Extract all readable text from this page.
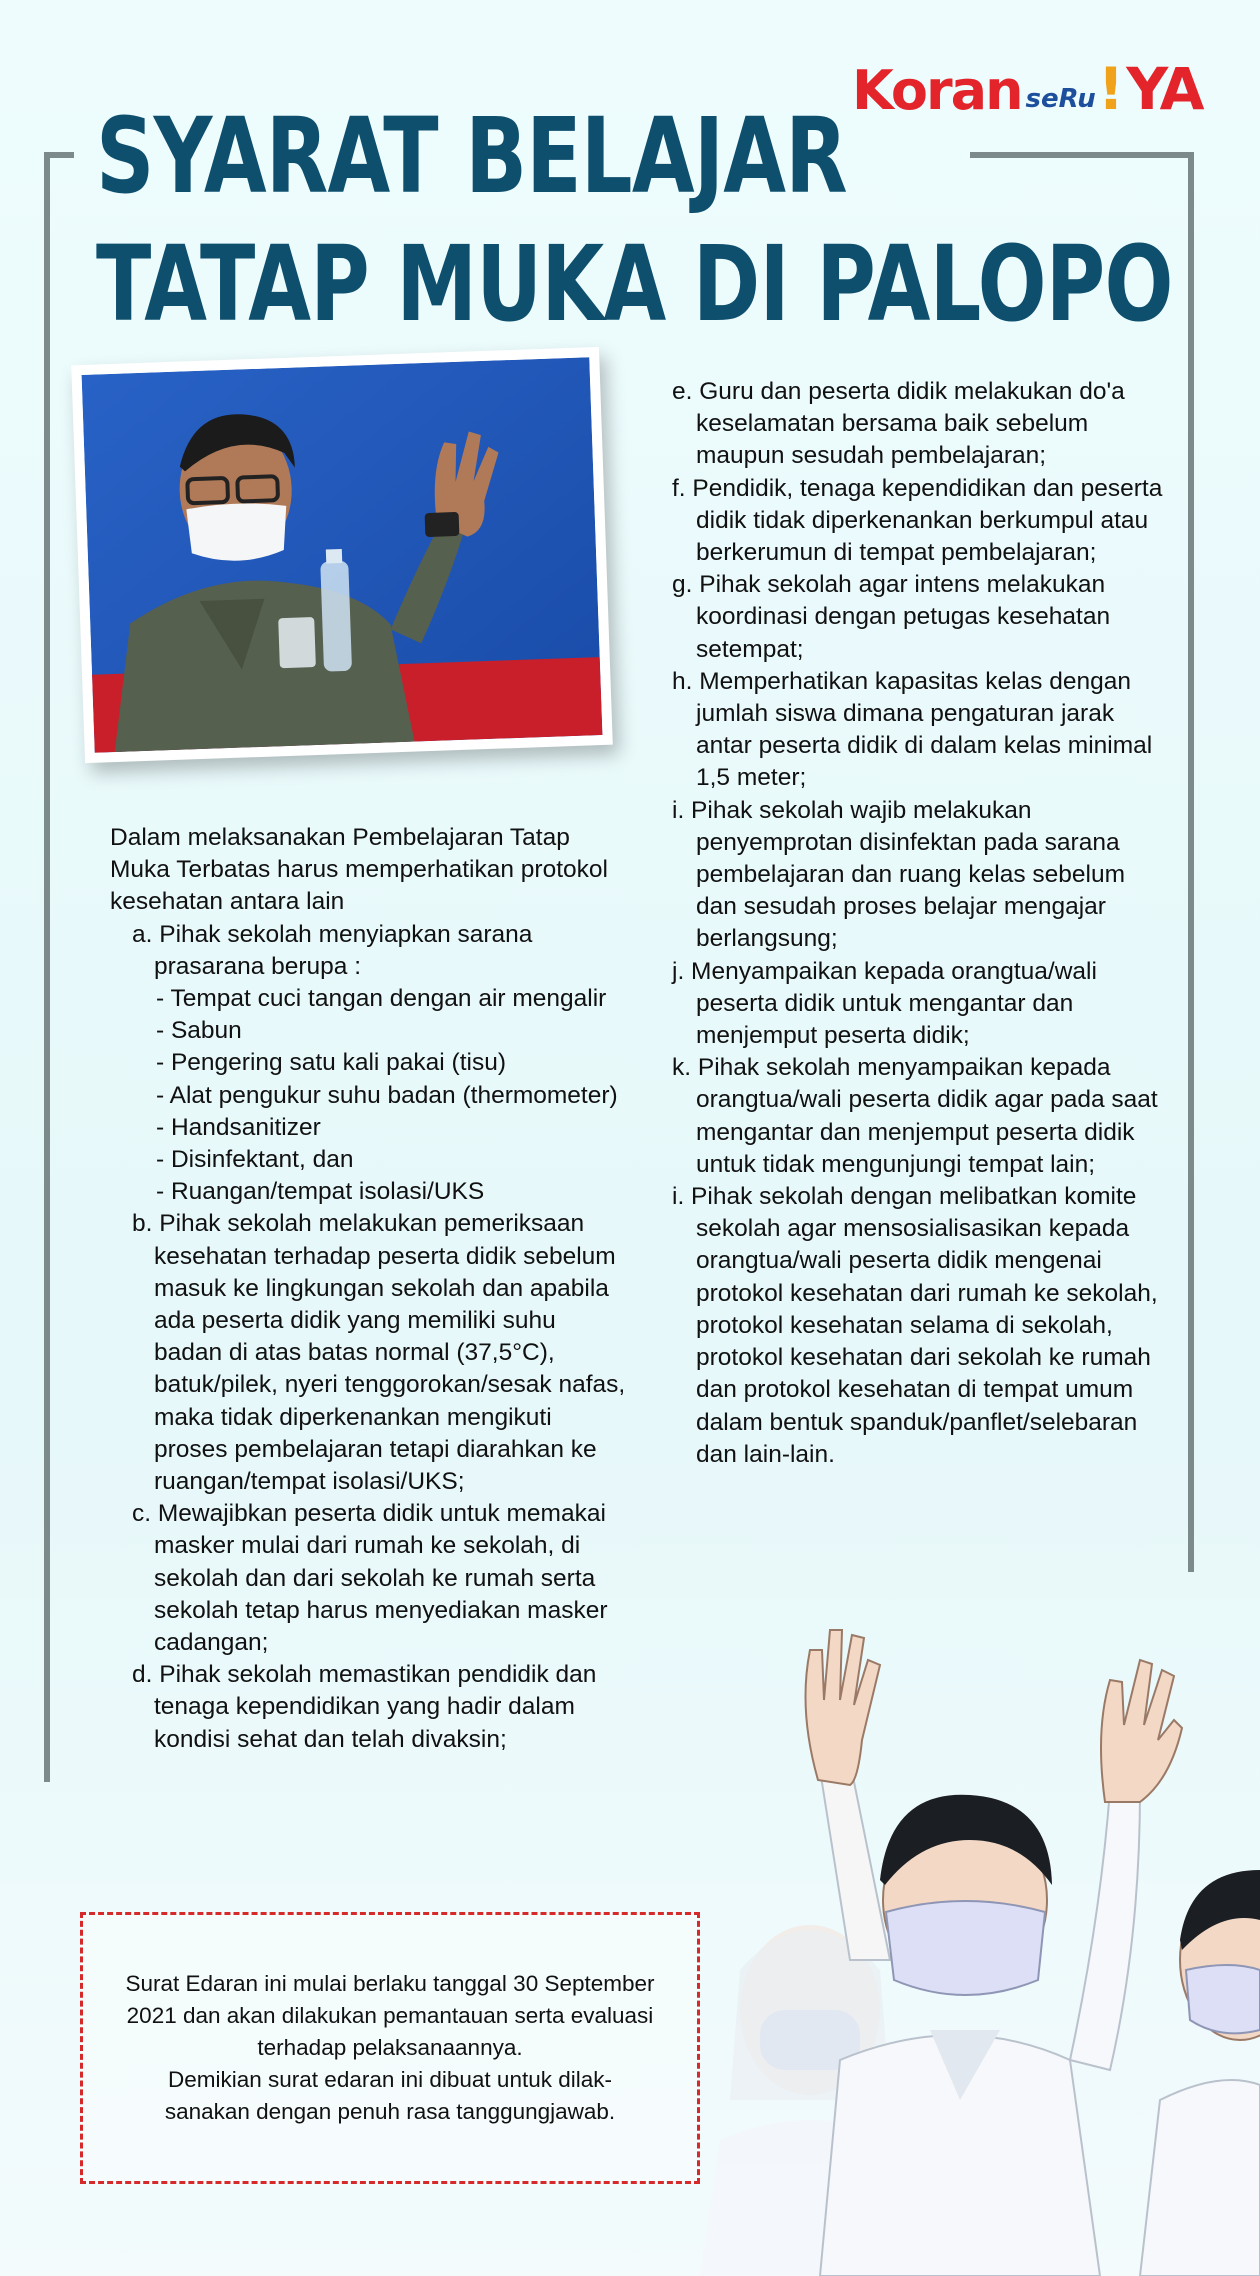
Koran seRu ! YA
SYARAT BELAJAR
TATAP MUKA DI PALOPO
Dalam melaksanakan Pembelajaran Tatap Muka Terbatas harus memperhatikan protokol kesehatan antara lain
a. Pihak sekolah menyiapkan sarana prasarana berupa :
- Tempat cuci tangan dengan air mengalir
- Sabun
- Pengering satu kali pakai (tisu)
- Alat pengukur suhu badan (thermometer)
- Handsanitizer
- Disinfektant, dan
- Ruangan/tempat isolasi/UKS
b. Pihak sekolah melakukan pemeriksaan kesehatan terhadap peserta didik sebelum masuk ke lingkungan sekolah dan apabila ada peserta didik yang memiliki suhu badan di atas batas normal (37,5°C), batuk/pilek, nyeri tenggorokan/sesak nafas, maka tidak diperkenankan mengikuti proses pembelajaran tetapi diarahkan ke ruangan/tempat isolasi/UKS;
c. Mewajibkan peserta didik untuk memakai masker mulai dari rumah ke sekolah, di sekolah dan dari sekolah ke rumah serta sekolah tetap harus menyediakan masker cadangan;
d. Pihak sekolah memastikan pendidik dan tenaga kependidikan yang hadir dalam kondisi sehat dan telah divaksin;
e. Guru dan peserta didik melakukan do'a keselamatan bersama baik sebelum maupun sesudah pembelajaran;
f. Pendidik, tenaga kependidikan dan peserta didik tidak diperkenankan berkumpul atau berkerumun di tempat pembelajaran;
g. Pihak sekolah agar intens melakukan koordinasi dengan petugas kesehatan setempat;
h. Memperhatikan kapasitas kelas dengan jumlah siswa dimana pengaturan jarak antar peserta didik di dalam kelas minimal 1,5 meter;
i. Pihak sekolah wajib melakukan penyemprotan disinfektan pada sarana pembelajaran dan ruang kelas sebelum dan sesudah proses belajar mengajar berlangsung;
j. Menyampaikan kepada orangtua/wali peserta didik untuk mengantar dan menjemput peserta didik;
k. Pihak sekolah menyampaikan kepada orangtua/wali peserta didik agar pada saat mengantar dan menjemput peserta didik untuk tidak mengunjungi tempat lain;
i. Pihak sekolah dengan melibatkan komite sekolah agar mensosialisasikan kepada orangtua/wali peserta didik mengenai protokol kesehatan dari rumah ke sekolah, protokol kesehatan selama di sekolah, protokol kesehatan dari sekolah ke rumah dan protokol kesehatan di tempat umum dalam bentuk spanduk/panflet/selebaran dan lain-lain.
Surat Edaran ini mulai berlaku tanggal 30 September
2021 dan akan dilakukan pemantauan serta evaluasi
terhadap pelaksanaannya.
Demikian surat edaran ini dibuat untuk dilak-
sanakan dengan penuh rasa tanggungjawab.
